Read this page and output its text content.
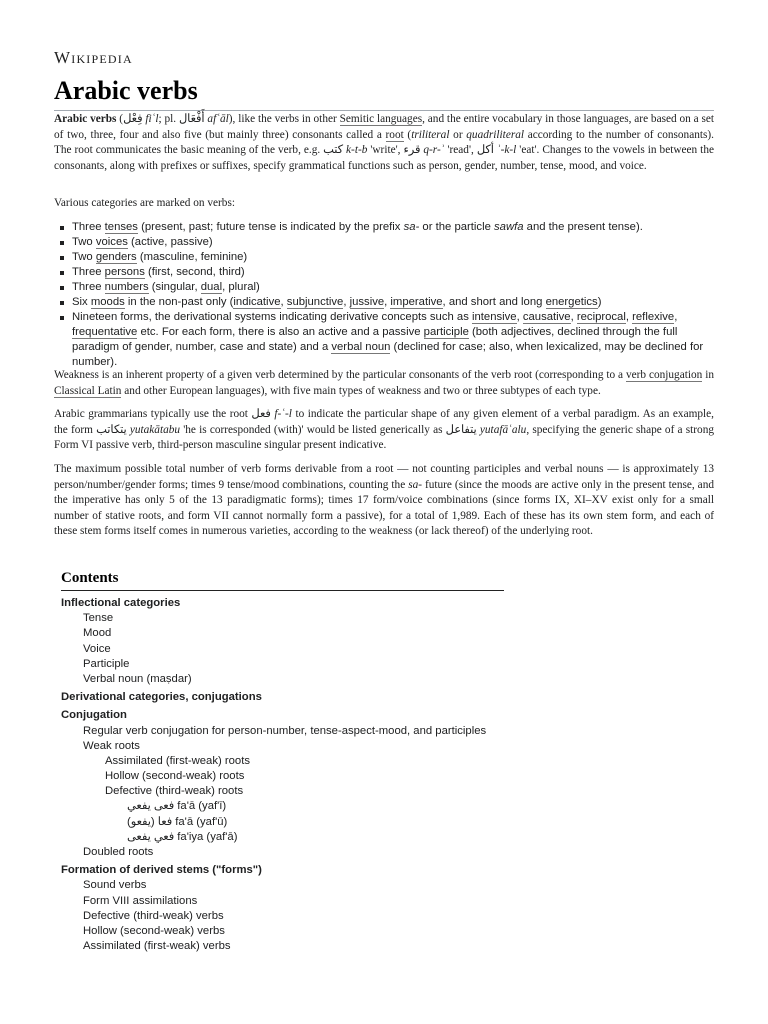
Wikipedia
Arabic verbs
Arabic verbs (فِعْل fiʿl; pl. أَفْعَال afʿāl), like the verbs in other Semitic languages, and the entire vocabulary in those languages, are based on a set of two, three, four and also five (but mainly three) consonants called a root (triliteral or quadriliteral according to the number of consonants). The root communicates the basic meaning of the verb, e.g. كتب k-t-b 'write', قرء q-r-ʾ 'read', أكل ʾ-k-l 'eat'. Changes to the vowels in between the consonants, along with prefixes or suffixes, specify grammatical functions such as person, gender, number, tense, mood, and voice.
Various categories are marked on verbs:
Three tenses (present, past; future tense is indicated by the prefix sa- or the particle sawfa and the present tense).
Two voices (active, passive)
Two genders (masculine, feminine)
Three persons (first, second, third)
Three numbers (singular, dual, plural)
Six moods in the non-past only (indicative, subjunctive, jussive, imperative, and short and long energetics)
Nineteen forms, the derivational systems indicating derivative concepts such as intensive, causative, reciprocal, reflexive, frequentative etc. For each form, there is also an active and a passive participle (both adjectives, declined through the full paradigm of gender, number, case and state) and a verbal noun (declined for case; also, when lexicalized, may be declined for number).
Weakness is an inherent property of a given verb determined by the particular consonants of the verb root (corresponding to a verb conjugation in Classical Latin and other European languages), with five main types of weakness and two or three subtypes of each type.
Arabic grammarians typically use the root فعل f-ʿ-l to indicate the particular shape of any given element of a verbal paradigm. As an example, the form يتكاتب yutakātabu 'he is corresponded (with)' would be listed generically as يتفاعل yutafāʿalu, specifying the generic shape of a strong Form VI passive verb, third-person masculine singular present indicative.
The maximum possible total number of verb forms derivable from a root — not counting participles and verbal nouns — is approximately 13 person/number/gender forms; times 9 tense/mood combinations, counting the sa- future (since the moods are active only in the present tense, and the imperative has only 5 of the 13 paradigmatic forms); times 17 form/voice combinations (since forms IX, XI–XV exist only for a small number of stative roots, and form VII cannot normally form a passive), for a total of 1,989. Each of these has its own stem form, and each of these stem forms itself comes in numerous varieties, according to the weakness (or lack thereof) of the underlying root.
Contents
Inflectional categories
Tense
Mood
Voice
Participle
Verbal noun (maṣdar)
Derivational categories, conjugations
Conjugation
Regular verb conjugation for person-number, tense-aspect-mood, and participles
Weak roots
Assimilated (first-weak) roots
Hollow (second-weak) roots
Defective (third-weak) roots
فعى يفعي fa'ā (yaf'ī)
فعا (يفعو) fa'ā (yaf'ū)
فعي يفعى fa'iya (yaf'ā)
Doubled roots
Formation of derived stems ("forms")
Sound verbs
Form VIII assimilations
Defective (third-weak) verbs
Hollow (second-weak) verbs
Assimilated (first-weak) verbs
